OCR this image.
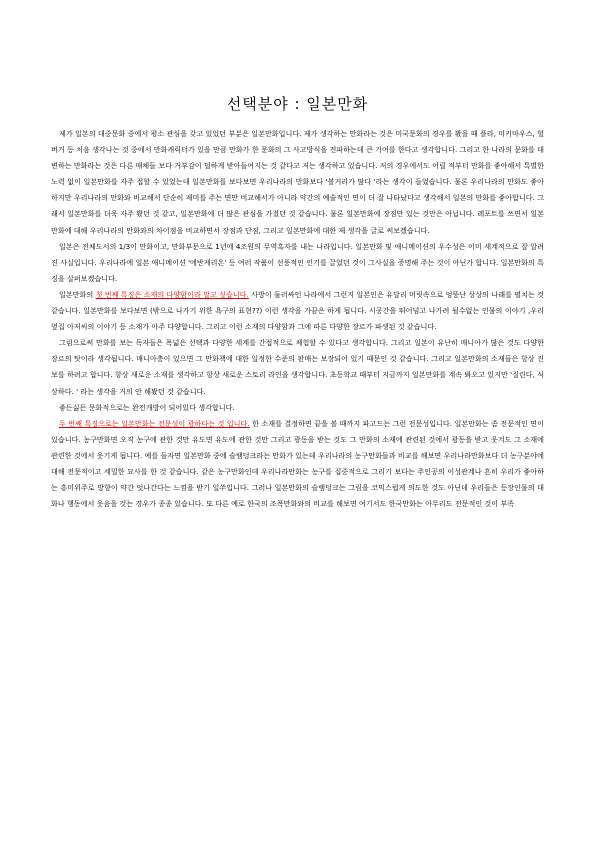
선택분야 : 일본만화

제가 일본의 대중문화 중에서 평소 관심을 갖고 있었던 부분은 일본만화입니다. 제가 생각하는 만화라는 것은 미국문화의 경우를 봤을 때 플라, 미키마우스, 헐버거 등 처음 생각나는 것 중에서 만화캐릭터가 있을 만큼 만화가 한 문화의 그 사고방식을 전파하는데 큰 기여를 한다고 생각합니다. 그리고 한 나라의 문화를 대변하는 만화라는 것은 다른 매체들 보다 거부감이 덜하게 받아들여지는 것 같다고 저는 생각하고 있습니다. 저의 경우에서도 어릴 적부터 만화를 좋아해서 특별한 노력 없이 일본만화를 자주 접할 수 있었는데 일본만화를 보다보면 우리나라의 만화보다 '볼거리가 많다 '라는 생각이 들었습니다. 물론 우리나라의 만화도 좋아하지만 우리나라의 만화와 비교해서 단순히 재미를 주는 면만 비교해서가 아니라 약간의 예술적인 면이 더 잘 나타났다고 생각해서 일본의 만화를 좋아합니다. 그래서 일본만화를 더욱 자주 봤던 것 같고, 일본만화에 더 많은 관심을 가졌던 것 같습니다. 물론 일본만화에 장점만 있는 것만은 아닙니다. 레포트를 쓰면서 일본만화에 대해 우리나라의 만화와의 차이점을 비교하면서 장점과 단점, 그리고 일본만화에 대한 제 생각을 글로 써보겠습니다.

일본은 전체도서의 1/3이 만화이고, 만화부문으로 1년에 4조원의 무역흑자를 내는 나라입니다. 일본만화 및 애니메이션의 우수성은 이미 세계적으로 잘 알려진 사실입니다. 우리나라에 일본 애니메이션 '에반게리온' 등 여러 작품이 선풍적인 인기를 끌었던 것이 그사실을 증명해 주는 것이 아닌가 합니다. 일본만화의 특징을 살펴보겠습니다.

일본만화의 첫 번째 특징은 소재의 다양함이라 말고 싶습니다. 사방이 둘러싸인 나라에서 그런지 일본인은 유달리 머릿속으로 엉뚱난 상상의 나래를 펼치는 것 같습니다. 일본만화를 보다보면 (밖으로 나가기 위한 욕구의 표현??) 이런 생각을 가끔은 하게 됩니다. 시공간을 뛰어넘고 나가려 될수없는 인물의 이야기 ,우리 옆집 아저씨의 이야기 등 소재가 아주 다양합니다. 그리고 이런 소재의 다양함과 그에 따른 다양한 장르가 파생된 것 같습니다.

그럼으로써 만화를 보는 독자들은 폭넓은 선택과 다양한 세계를 간접적으로 체험할 수 있다고 생각합니다. 그리고 일본이 유난히 매니아가 많은 것도 다양한 장르의 탓이라 생각됩니다. 매니아층이 있으면 그 만화책에 대한 일정한 수준의 판매는 보장되어 있기 때문인 것 같습니다. 그리고 일본만화의 소재들은 항상 진보를 하려고 합니다. 항상 새로운 소재를 생각하고 항상 새로운 스토리 라인을 생각합니다. 초등학교 때부터 지금까지 일본만화를 계속 봐오고 있지만 '질린다, 식상하다. ' 라는 생각을 거의 안 해봤던 것 같습니다.

좋든싫든 문화적으로는 완전개방이 되어있다 생각합니다.

두 번째 특징으로는 일본만화는 전문성이 광하다는 것 입니다. 한 소재를 결정하면 끝을 볼 때까지 파고드는 그런 전문성입니다. 일본만화는 좀 전문적인 면이 있습니다. 농구만화면 오직 농구에 관한 것만 유도면 유도에 관한 것만 그리고 광동을 받는 것도 그 만화의 소재에 관련된 것에서 광동을 받고 웃겨도 그 소재에 관련한 것에서 웃기게 됩니다. 예를 들자면 일본만화 중에 슬램덩크라는 만화가 있는데 우리나라의 농구만화들과 비교를 해보면 우리나라만화보다 더 농구분야에 대해 전문적이고 세밀한 묘사를 한 것 같습니다. 같은 농구만화인데 우리나라만화는 농구를 집중적으로 그리기 보다는 주인공의 이성관계나 흔히 우리가 좋아하는 흥미위주로 방향이 약간 엇나간다는 느낌을 받기 일쑤입니다. 그러나 일본만화의 슬램덩크는 그림을 코믹스럽게 의도한 것도 아닌데 우리들은 등장인물의 대화나 행동에서 웃음을 것는 경우가 종종 있습니다. 또 다른 예로 한국의 조폭만화와의 비교를 해보면 여기서도 한국만화는 아무리도 전문적인 것이 부족
